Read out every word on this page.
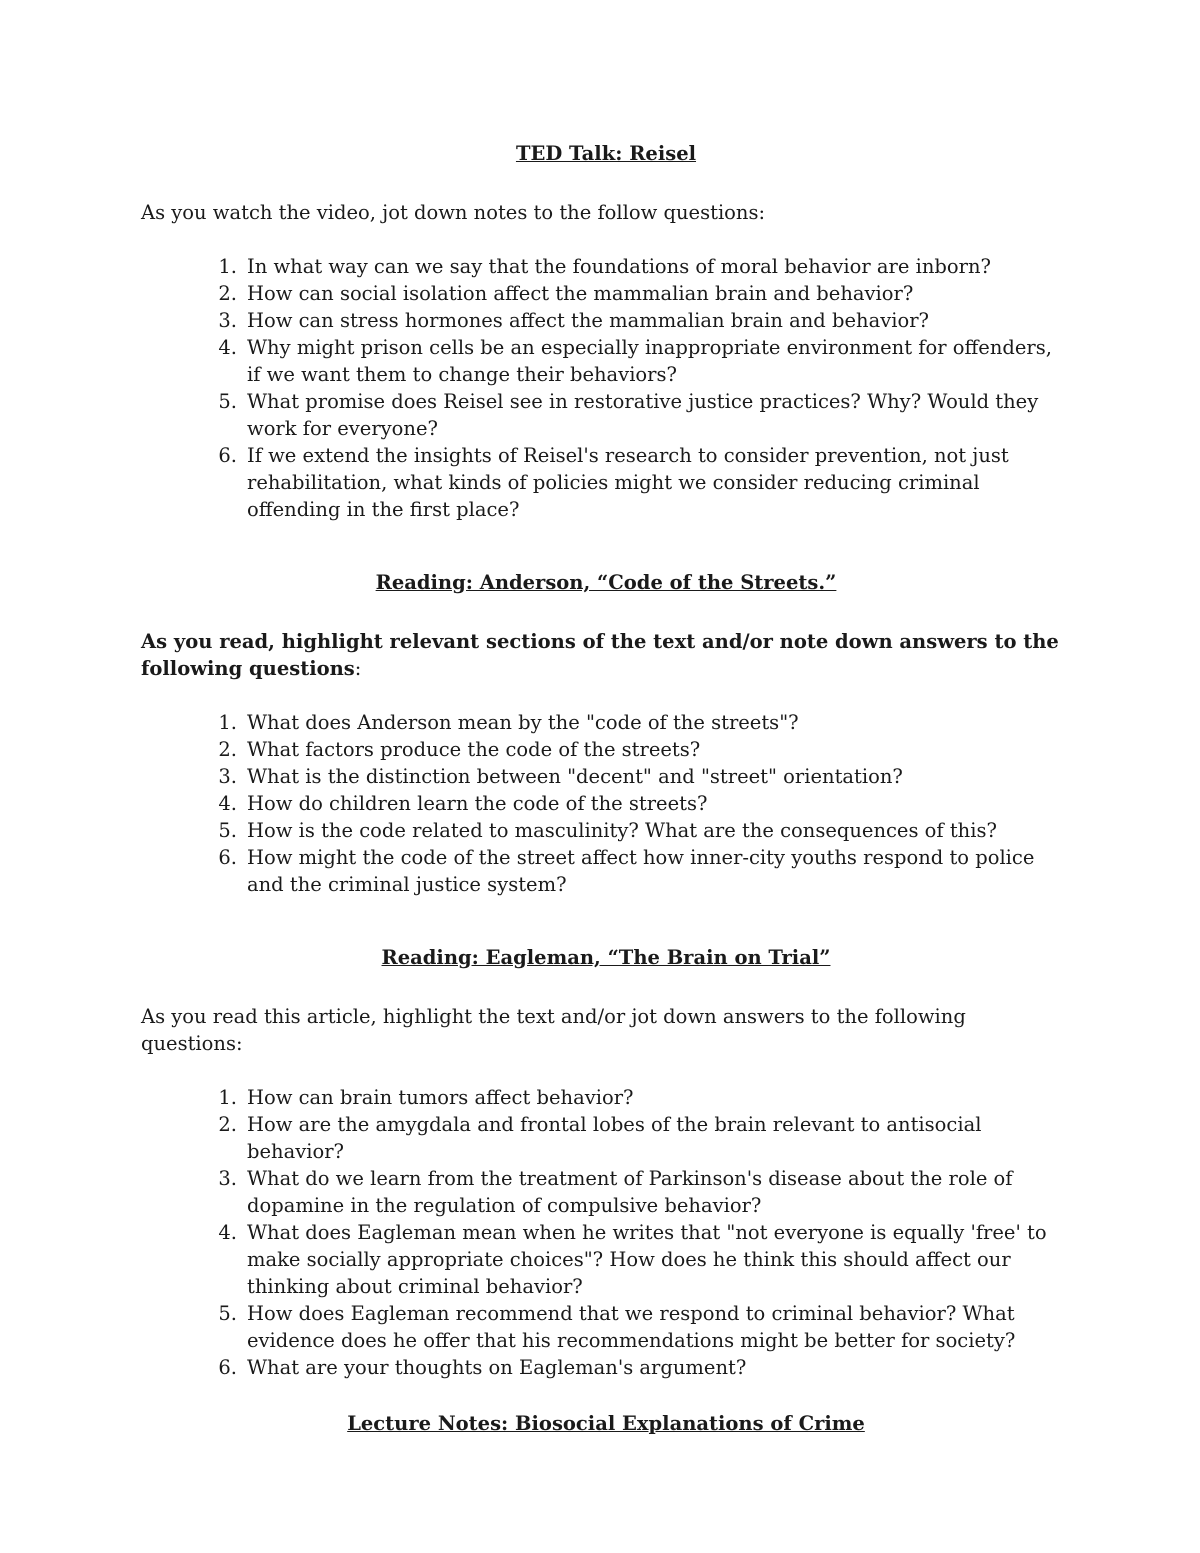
TED Talk: Reisel

As you watch the video, jot down notes to the follow questions:

1. In what way can we say that the foundations of moral behavior are inborn?
2. How can social isolation affect the mammalian brain and behavior?
3. How can stress hormones affect the mammalian brain and behavior?
4. Why might prison cells be an especially inappropriate environment for offenders, if we want them to change their behaviors?
5. What promise does Reisel see in restorative justice practices? Why? Would they work for everyone?
6. If we extend the insights of Reisel's research to consider prevention, not just rehabilitation, what kinds of policies might we consider reducing criminal offending in the first place?
Reading: Anderson, “Code of the Streets.”

As you read, highlight relevant sections of the text and/or note down answers to the following questions:

1. What does Anderson mean by the "code of the streets"?
2. What factors produce the code of the streets?
3. What is the distinction between "decent" and "street" orientation?
4. How do children learn the code of the streets?
5. How is the code related to masculinity? What are the consequences of this?
6. How might the code of the street affect how inner-city youths respond to police and the criminal justice system?
Reading: Eagleman, “The Brain on Trial”

As you read this article, highlight the text and/or jot down answers to the following questions:

1. How can brain tumors affect behavior?
2. How are the amygdala and frontal lobes of the brain relevant to antisocial behavior?
3. What do we learn from the treatment of Parkinson's disease about the role of dopamine in the regulation of compulsive behavior?
4. What does Eagleman mean when he writes that "not everyone is equally 'free' to make socially appropriate choices"? How does he think this should affect our thinking about criminal behavior?
5. How does Eagleman recommend that we respond to criminal behavior? What evidence does he offer that his recommendations might be better for society?
6. What are your thoughts on Eagleman's argument?
Lecture Notes: Biosocial Explanations of Crime
